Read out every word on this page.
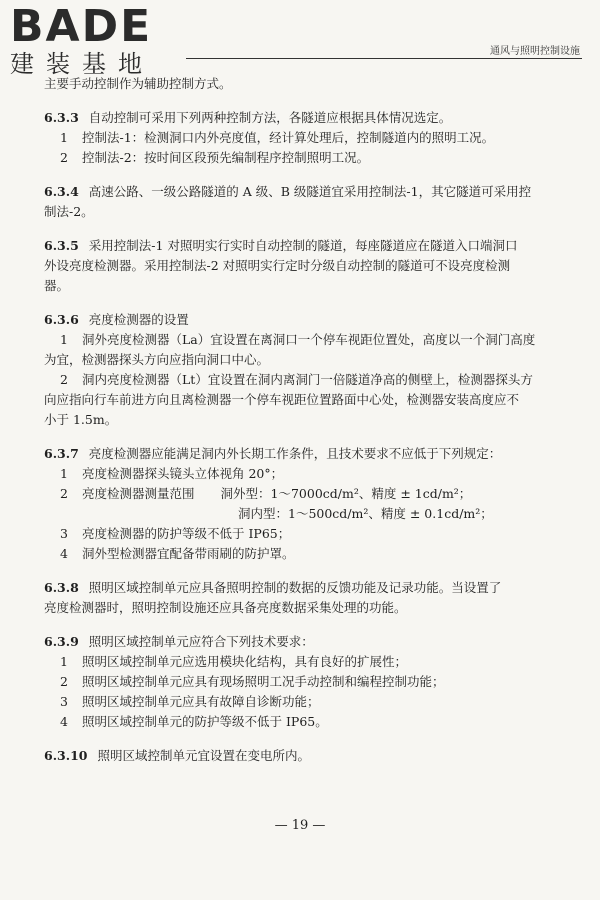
BADE
建装基地	通风与照明控制设施

主要手动控制作为辅助控制方式。

6.3.3 自动控制可采用下列两种控制方法，各隧道应根据具体情况选定。

1 控制法-1：检测洞口内外亮度值，经计算处理后，控制隧道内的照明工况。

2 控制法-2：按时间区段预先编制程序控制照明工况。

6.3.4 高速公路、一级公路隧道的 A 级、B 级隧道宜采用控制法-1，其它隧道可采用控

制法-2。

6.3.5 采用控制法-1 对照明实行实时自动控制的隧道，每座隧道应在隧道入口端洞口

外设亮度检测器。采用控制法-2 对照明实行定时分级自动控制的隧道可不设亮度检测

器。

6.3.6 亮度检测器的设置

1 洞外亮度检测器（La）宜设置在离洞口一个停车视距位置处，高度以一个洞门高度

为宜，检测器探头方向应指向洞口中心。

2 洞内亮度检测器（Lt）宜设置在洞内离洞门一倍隧道净高的侧壁上，检测器探头方

向应指向行车前进方向且离检测器一个停车视距位置路面中心处，检测器安装高度应不

小于 1.5m。

6.3.7 亮度检测器应能满足洞内外长期工作条件，且技术要求不应低于下列规定：

1 亮度检测器探头镜头立体视角 20°；

2 亮度检测器测量范围 洞外型：1～7000cd/m²、精度 ± 1cd/m²；

洞内型：1～500cd/m²、精度 ± 0.1cd/m²；

3 亮度检测器的防护等级不低于 IP65；

4 洞外型检测器宜配备带雨刷的防护罩。

6.3.8 照明区域控制单元应具备照明控制的数据的反馈功能及记录功能。当设置了

亮度检测器时，照明控制设施还应具备亮度数据采集处理的功能。

6.3.9 照明区域控制单元应符合下列技术要求：

1 照明区域控制单元应选用模块化结构，具有良好的扩展性；

2 照明区域控制单元应具有现场照明工况手动控制和编程控制功能；

3 照明区域控制单元应具有故障自诊断功能；

4 照明区域控制单元的防护等级不低于 IP65。

6.3.10 照明区域控制单元宜设置在变电所内。

— 19 —
